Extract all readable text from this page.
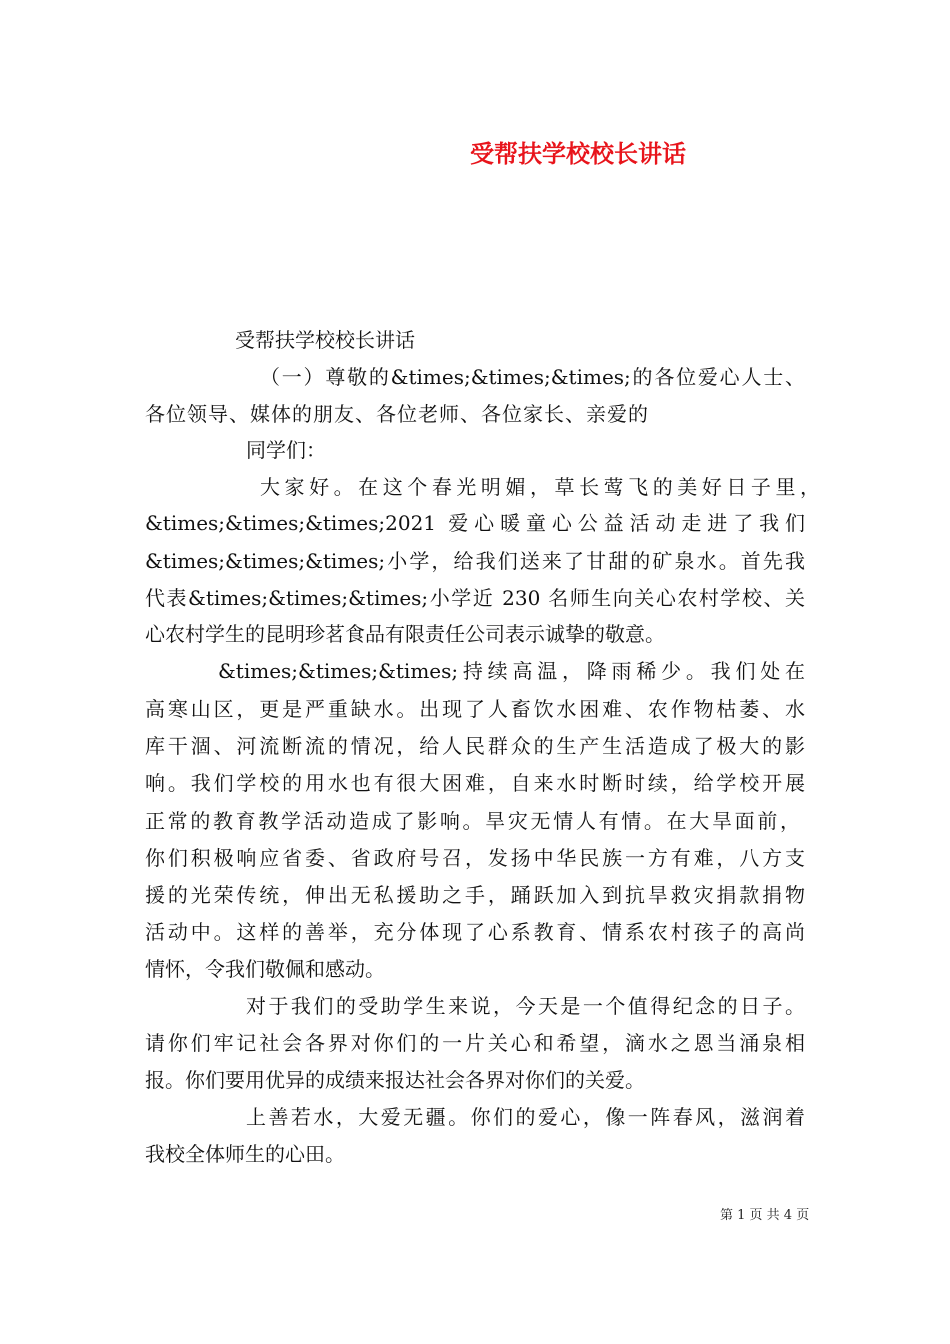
受帮扶学校校长讲话
受帮扶学校校长讲话
（一）尊敬的&times;&times;&times;的各位爱心人士、
各位领导、媒体的朋友、各位老师、各位家长、亲爱的
同学们：
大家好。在这个春光明媚，草长莺飞的美好日子里，
&times;&times;&times;2021 爱心暖童心公益活动走进了我们
&times;&times;&times;小学，给我们送来了甘甜的矿泉水。首先我
代表&times;&times;&times;小学近 230 名师生向关心农村学校、关
心农村学生的昆明珍茗食品有限责任公司表示诚挚的敬意。
&times;&times;&times;持续高温，降雨稀少。我们处在
高寒山区，更是严重缺水。出现了人畜饮水困难、农作物枯萎、水
库干涸、河流断流的情况，给人民群众的生产生活造成了极大的影
响。我们学校的用水也有很大困难，自来水时断时续，给学校开展
正常的教育教学活动造成了影响。旱灾无情人有情。在大旱面前，
你们积极响应省委、省政府号召，发扬中华民族一方有难，八方支
援的光荣传统，伸出无私援助之手，踊跃加入到抗旱救灾捐款捐物
活动中。这样的善举，充分体现了心系教育、情系农村孩子的高尚
情怀，令我们敬佩和感动。
对于我们的受助学生来说，今天是一个值得纪念的日子。
请你们牢记社会各界对你们的一片关心和希望，滴水之恩当涌泉相
报。你们要用优异的成绩来报达社会各界对你们的关爱。
上善若水，大爱无疆。你们的爱心，像一阵春风，滋润着
我校全体师生的心田。
第 1 页 共 4 页
